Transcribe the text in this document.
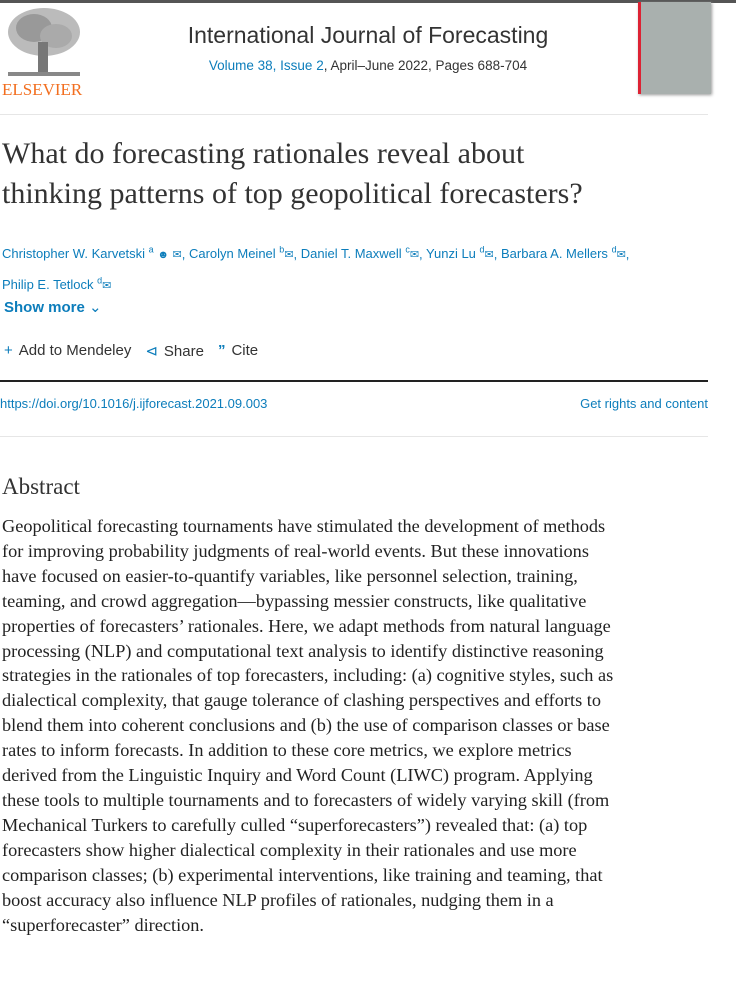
ELSEVIER
International Journal of Forecasting
Volume 38, Issue 2, April–June 2022, Pages 688-704
What do forecasting rationales reveal about
thinking patterns of top geopolitical forecasters?
Christopher W. Karvetski $^a$ ☻ ✉, Carolyn Meinel $^b$✉, Daniel T. Maxwell $^c$✉, Yunzi Lu $^d$✉, Barbara A. Mellers $^d$✉,
Philip E. Tetlock $^d$✉
Show more ⌄
+ Add to Mendeley ⊲ Share ” Cite
https://doi.org/10.1016/j.ijforecast.2021.09.003	Get rights and content
Abstract
Geopolitical forecasting tournaments have stimulated the development of methods
for improving probability judgments of real-world events. But these innovations
have focused on easier-to-quantify variables, like personnel selection, training,
teaming, and crowd aggregation—bypassing messier constructs, like qualitative
properties of forecasters’ rationales. Here, we adapt methods from natural language
processing (NLP) and computational text analysis to identify distinctive reasoning
strategies in the rationales of top forecasters, including: (a) cognitive styles, such as
dialectical complexity, that gauge tolerance of clashing perspectives and efforts to
blend them into coherent conclusions and (b) the use of comparison classes or base
rates to inform forecasts. In addition to these core metrics, we explore metrics
derived from the Linguistic Inquiry and Word Count (LIWC) program. Applying
these tools to multiple tournaments and to forecasters of widely varying skill (from
Mechanical Turkers to carefully culled “superforecasters”) revealed that: (a) top
forecasters show higher dialectical complexity in their rationales and use more
comparison classes; (b) experimental interventions, like training and teaming, that
boost accuracy also influence NLP profiles of rationales, nudging them in a
“superforecaster” direction.
